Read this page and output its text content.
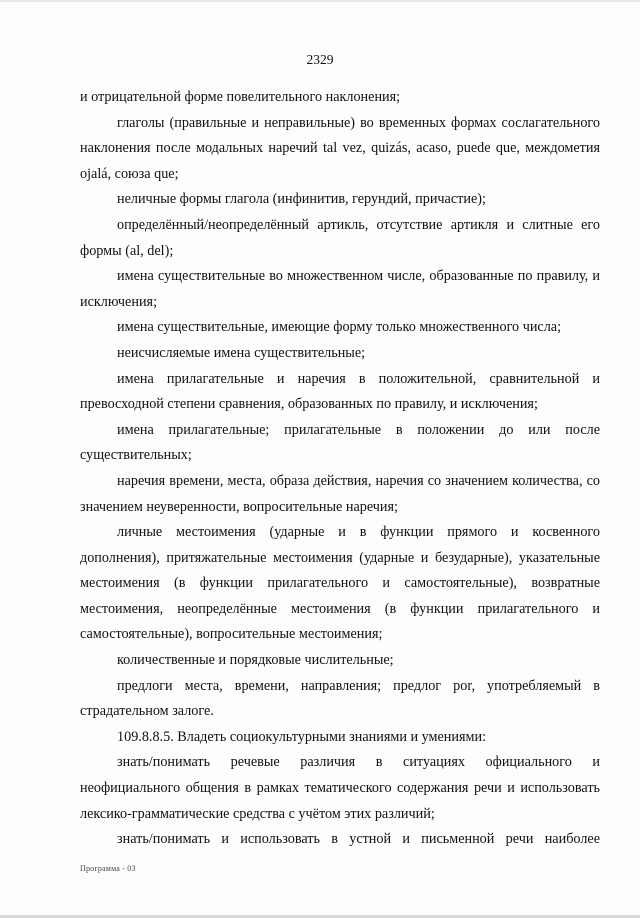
2329

и отрицательной форме повелительного наклонения;

глаголы (правильные и неправильные) во временных формах сослагательного наклонения после модальных наречий tal vez, quizás, acaso, puede que, междометия ojalá, союза que;

неличные формы глагола (инфинитив, герундий, причастие);

определённый/неопределённый артикль, отсутствие артикля и слитные его формы (al, del);

имена существительные во множественном числе, образованные по правилу, и исключения;

имена существительные, имеющие форму только множественного числа;

неисчисляемые имена существительные;

имена прилагательные и наречия в положительной, сравнительной и превосходной степени сравнения, образованных по правилу, и исключения;

имена прилагательные; прилагательные в положении до или после существительных;

наречия времени, места, образа действия, наречия со значением количества, со значением неуверенности, вопросительные наречия;

личные местоимения (ударные и в функции прямого и косвенного дополнения), притяжательные местоимения (ударные и безударные), указательные местоимения (в функции прилагательного и самостоятельные), возвратные местоимения, неопределённые местоимения (в функции прилагательного и самостоятельные), вопросительные местоимения;

количественные и порядковые числительные;

предлоги места, времени, направления; предлог por, употребляемый в страдательном залоге.

109.8.8.5. Владеть социокультурными знаниями и умениями:

знать/понимать речевые различия в ситуациях официального и неофициального общения в рамках тематического содержания речи и использовать лексико-грамматические средства с учётом этих различий;

знать/понимать и использовать в устной и письменной речи наиболее

Программа - 03
